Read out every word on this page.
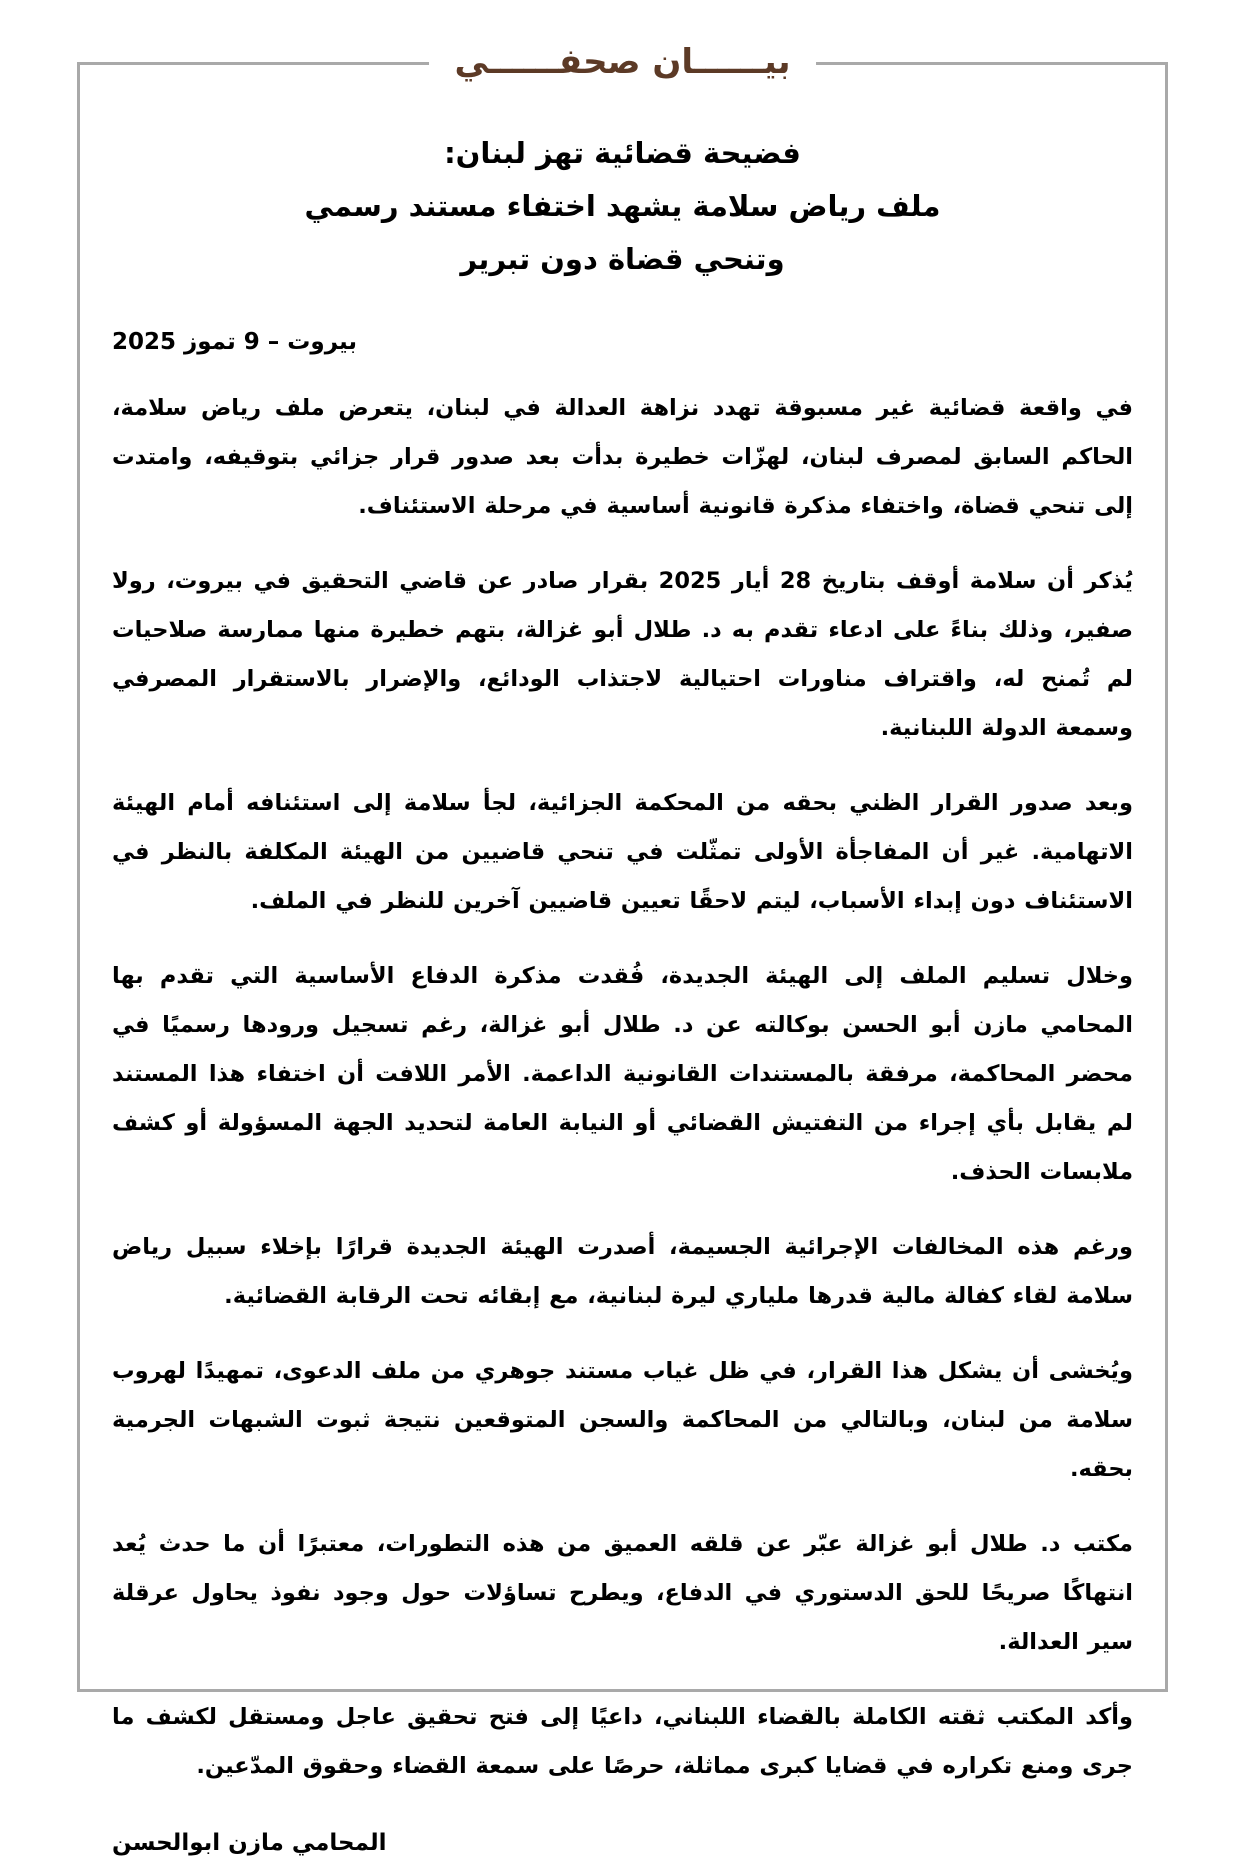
بيــــــان صحفــــــي
فضيحة قضائية تهز لبنان:
ملف رياض سلامة يشهد اختفاء مستند رسمي
وتنحي قضاة دون تبرير
بيروت – 9 تموز 2025

في واقعة قضائية غير مسبوقة تهدد نزاهة العدالة في لبنان، يتعرض ملف رياض سلامة، الحاكم السابق لمصرف لبنان، لهزّات خطيرة بدأت بعد صدور قرار جزائي بتوقيفه، وامتدت إلى تنحي قضاة، واختفاء مذكرة قانونية أساسية في مرحلة الاستئناف.

يُذكر أن سلامة أوقف بتاريخ 28 أيار 2025 بقرار صادر عن قاضي التحقيق في بيروت، رولا صفير، وذلك بناءً على ادعاء تقدم به د. طلال أبو غزالة، بتهم خطيرة منها ممارسة صلاحيات لم تُمنح له، واقتراف مناورات احتيالية لاجتذاب الودائع، والإضرار بالاستقرار المصرفي وسمعة الدولة اللبنانية.

وبعد صدور القرار الظني بحقه من المحكمة الجزائية، لجأ سلامة إلى استئنافه أمام الهيئة الاتهامية. غير أن المفاجأة الأولى تمثّلت في تنحي قاضيين من الهيئة المكلفة بالنظر في الاستئناف دون إبداء الأسباب، ليتم لاحقًا تعيين قاضيين آخرين للنظر في الملف.

وخلال تسليم الملف إلى الهيئة الجديدة، فُقدت مذكرة الدفاع الأساسية التي تقدم بها المحامي مازن أبو الحسن بوكالته عن د. طلال أبو غزالة، رغم تسجيل ورودها رسميًا في محضر المحاكمة، مرفقة بالمستندات القانونية الداعمة. الأمر اللافت أن اختفاء هذا المستند لم يقابل بأي إجراء من التفتيش القضائي أو النيابة العامة لتحديد الجهة المسؤولة أو كشف ملابسات الحذف.

ورغم هذه المخالفات الإجرائية الجسيمة، أصدرت الهيئة الجديدة قرارًا بإخلاء سبيل رياض سلامة لقاء كفالة مالية قدرها ملياري ليرة لبنانية، مع إبقائه تحت الرقابة القضائية.

ويُخشى أن يشكل هذا القرار، في ظل غياب مستند جوهري من ملف الدعوى، تمهيدًا لهروب سلامة من لبنان، وبالتالي من المحاكمة والسجن المتوقعين نتيجة ثبوت الشبهات الجرمية بحقه.

مكتب د. طلال أبو غزالة عبّر عن قلقه العميق من هذه التطورات، معتبرًا أن ما حدث يُعد انتهاكًا صريحًا للحق الدستوري في الدفاع، ويطرح تساؤلات حول وجود نفوذ يحاول عرقلة سير العدالة.

وأكد المكتب ثقته الكاملة بالقضاء اللبناني، داعيًا إلى فتح تحقيق عاجل ومستقل لكشف ما جرى ومنع تكراره في قضايا كبرى مماثلة، حرصًا على سمعة القضاء وحقوق المدّعين.

المحامي مازن ابوالحسن
